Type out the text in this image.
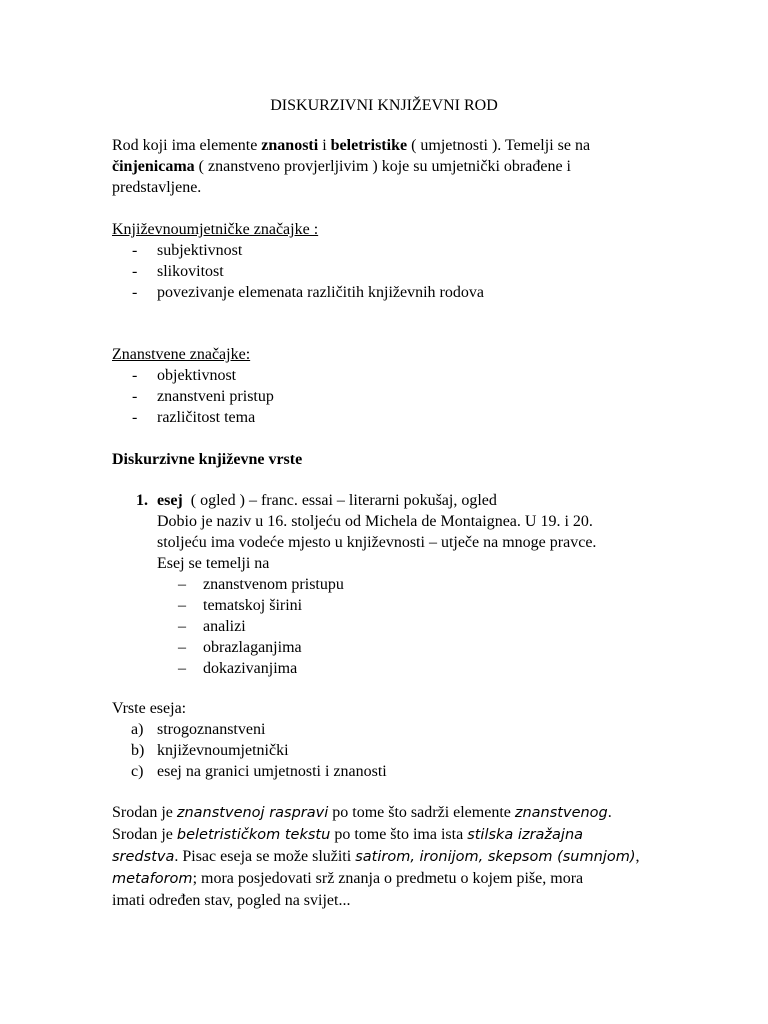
DISKURZIVNI KNJIŽEVNI ROD

Rod koji ima elemente znanosti i beletristike ( umjetnosti ). Temelji se na
činjenicama ( znanstveno provjerljivim ) koje su umjetnički obrađene i
predstavljene.

Književnoumjetničke značajke :
- subjektivnost
- slikovitost
- povezivanje elemenata različitih književnih rodova
Znanstvene značajke:
- objektivnost
- znanstveni pristup
- različitost tema
Diskurzivne književne vrste
1. esej  ( ogled ) – franc. essai – literarni pokušaj, ogled
Dobio je naziv u 16. stoljeću od Michela de Montaignea. U 19. i 20.
stoljeću ima vodeće mjesto u književnosti – utječe na mnoge pravce.
Esej se temelji na
– znanstvenom pristupu
– tematskoj širini
– analizi
– obrazlaganjima
– dokazivanjima
Vrste eseja:
a) strogoznanstveni
b) književnoumjetnički
c) esej na granici umjetnosti i znanosti

Srodan je znanstvenoj raspravi po tome što sadrži elemente znanstvenog.
Srodan je beletrističkom tekstu po tome što ima ista stilska izražajna
sredstva. Pisac eseja se može služiti satirom, ironijom, skepsom (sumnjom),
metaforom; mora posjedovati srž znanja o predmetu o kojem piše, mora
imati određen stav, pogled na svijet...
